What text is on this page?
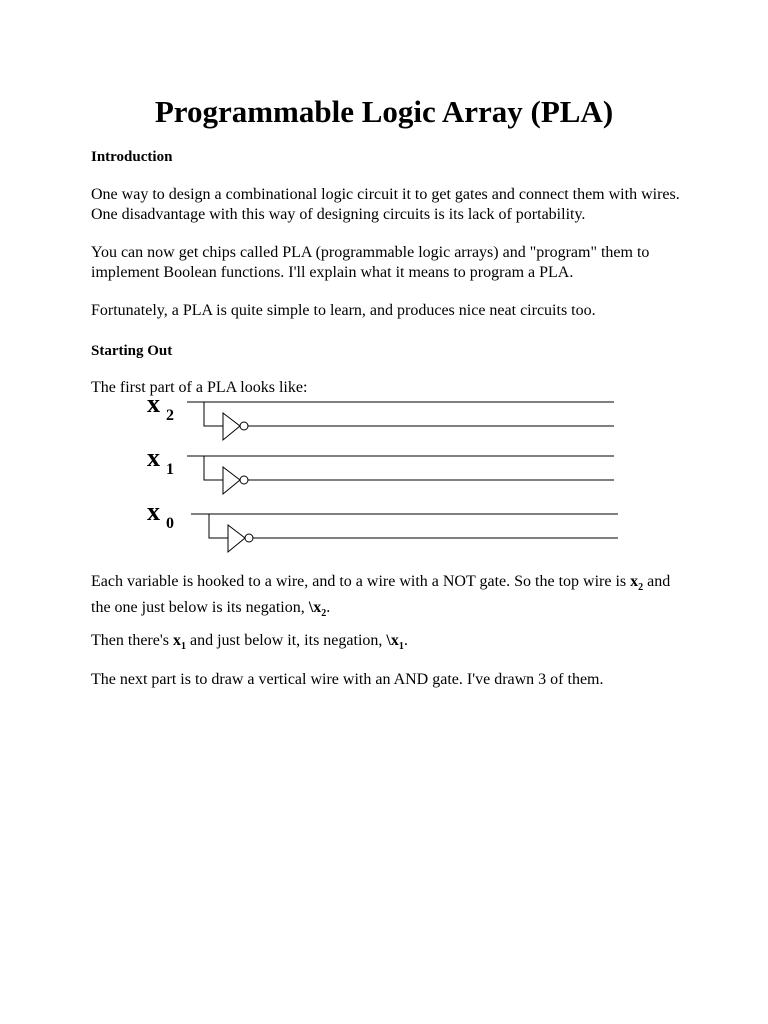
Programmable Logic Array (PLA)
Introduction

One way to design a combinational logic circuit it to get gates and connect them with wires. One disadvantage with this way of designing circuits is its lack of portability.

You can now get chips called PLA (programmable logic arrays) and "program" them to implement Boolean functions. I'll explain what it means to program a PLA.

Fortunately, a PLA is quite simple to learn, and produces nice neat circuits too.

Starting Out

The first part of a PLA looks like:

x 2
x 1
x 0

Each variable is hooked to a wire, and to a wire with a NOT gate. So the top wire is $x_2$ and the one just below is its negation, $\backslash x_2$.

Then there's $x_1$ and just below it, its negation, $\backslash x_1$.

The next part is to draw a vertical wire with an AND gate. I've drawn 3 of them.
